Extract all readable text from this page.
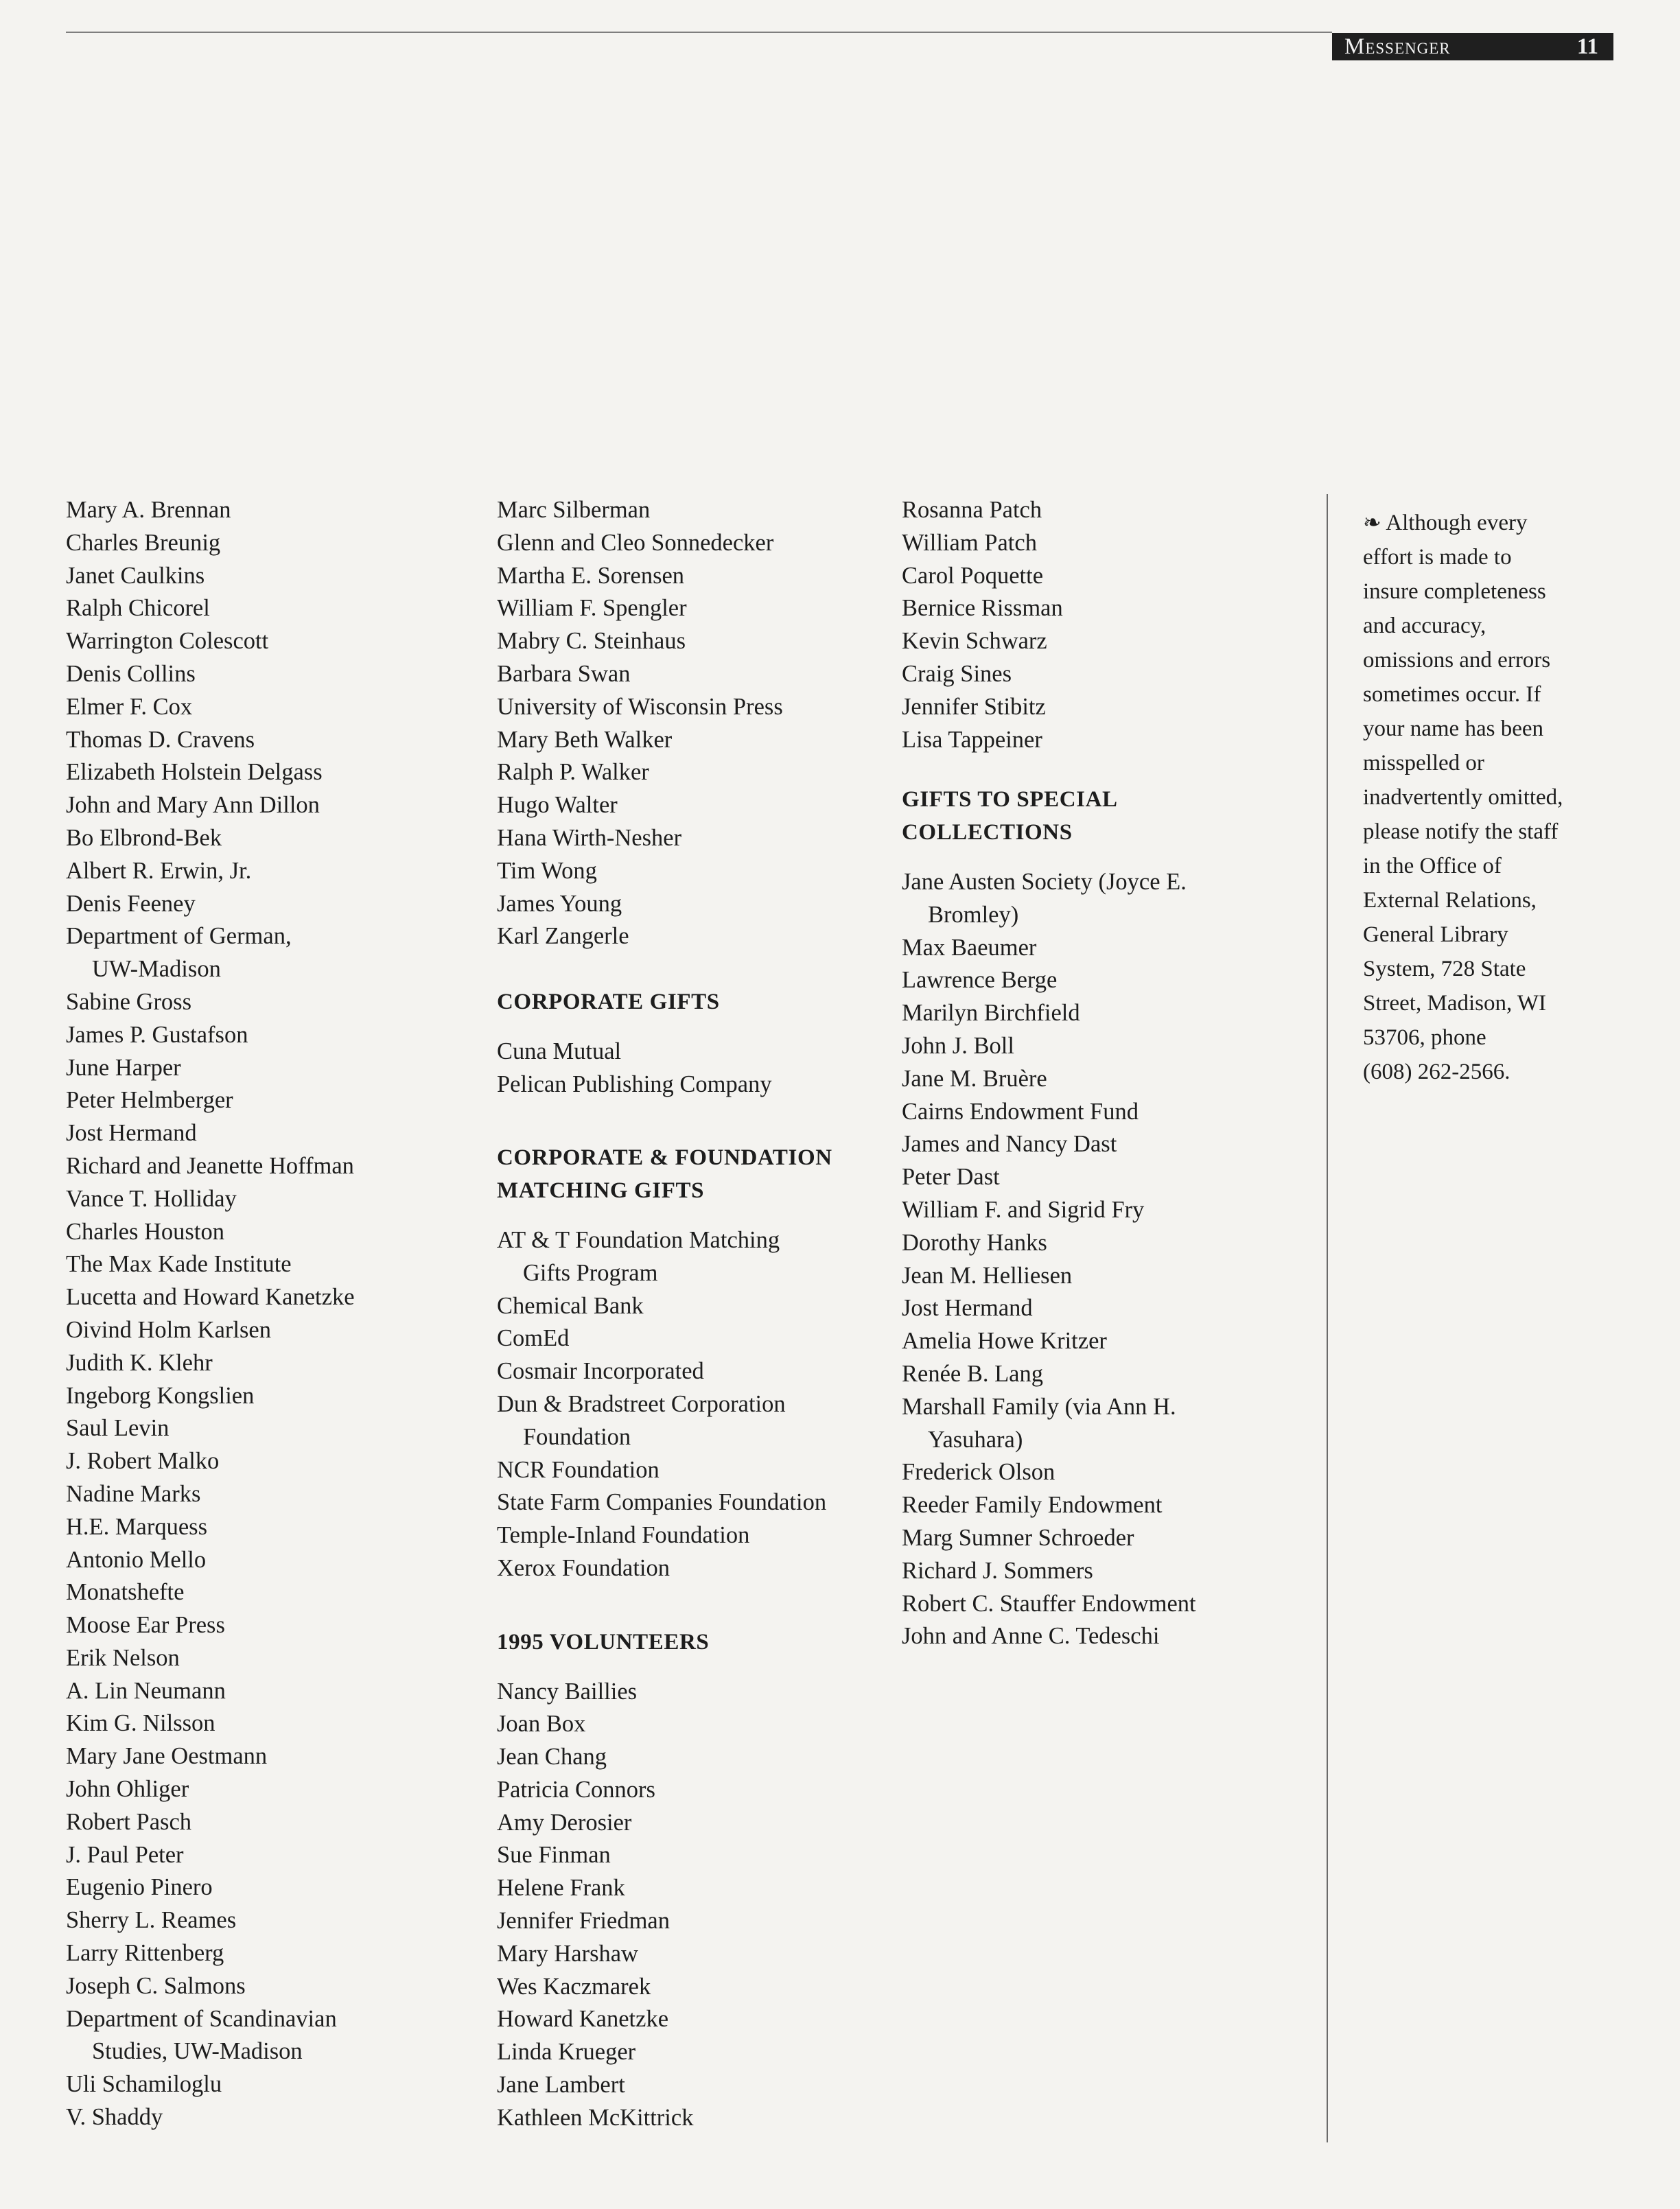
Messenger	11
Mary A. Brennan
Charles Breunig
Janet Caulkins
Ralph Chicorel
Warrington Colescott
Denis Collins
Elmer F. Cox
Thomas D. Cravens
Elizabeth Holstein Delgass
John and Mary Ann Dillon
Bo Elbrond-Bek
Albert R. Erwin, Jr.
Denis Feeney
Department of German,
UW-Madison
Sabine Gross
James P. Gustafson
June Harper
Peter Helmberger
Jost Hermand
Richard and Jeanette Hoffman
Vance T. Holliday
Charles Houston
The Max Kade Institute
Lucetta and Howard Kanetzke
Oivind Holm Karlsen
Judith K. Klehr
Ingeborg Kongslien
Saul Levin
J. Robert Malko
Nadine Marks
H.E. Marquess
Antonio Mello
Monatshefte
Moose Ear Press
Erik Nelson
A. Lin Neumann
Kim G. Nilsson
Mary Jane Oestmann
John Ohliger
Robert Pasch
J. Paul Peter
Eugenio Pinero
Sherry L. Reames
Larry Rittenberg
Joseph C. Salmons
Department of Scandinavian
Studies, UW-Madison
Uli Schamiloglu
V. Shaddy
Marc Silberman
Glenn and Cleo Sonnedecker
Martha E. Sorensen
William F. Spengler
Mabry C. Steinhaus
Barbara Swan
University of Wisconsin Press
Mary Beth Walker
Ralph P. Walker
Hugo Walter
Hana Wirth-Nesher
Tim Wong
James Young
Karl Zangerle
CORPORATE GIFTS
Cuna Mutual
Pelican Publishing Company
CORPORATE & FOUNDATION
MATCHING GIFTS
AT & T Foundation Matching
Gifts Program
Chemical Bank
ComEd
Cosmair Incorporated
Dun & Bradstreet Corporation
Foundation
NCR Foundation
State Farm Companies Foundation
Temple-Inland Foundation
Xerox Foundation
1995 VOLUNTEERS
Nancy Baillies
Joan Box
Jean Chang
Patricia Connors
Amy Derosier
Sue Finman
Helene Frank
Jennifer Friedman
Mary Harshaw
Wes Kaczmarek
Howard Kanetzke
Linda Krueger
Jane Lambert
Kathleen McKittrick
Rosanna Patch
William Patch
Carol Poquette
Bernice Rissman
Kevin Schwarz
Craig Sines
Jennifer Stibitz
Lisa Tappeiner
GIFTS TO SPECIAL
COLLECTIONS
Jane Austen Society (Joyce E.
Bromley)
Max Baeumer
Lawrence Berge
Marilyn Birchfield
John J. Boll
Jane M. Bruère
Cairns Endowment Fund
James and Nancy Dast
Peter Dast
William F. and Sigrid Fry
Dorothy Hanks
Jean M. Helliesen
Jost Hermand
Amelia Howe Kritzer
Renée B. Lang
Marshall Family (via Ann H.
Yasuhara)
Frederick Olson
Reeder Family Endowment
Marg Sumner Schroeder
Richard J. Sommers
Robert C. Stauffer Endowment
John and Anne C. Tedeschi
❧ Although every
effort is made to
insure completeness
and accuracy,
omissions and errors
sometimes occur. If
your name has been
misspelled or
inadvertently omitted,
please notify the staff
in the Office of
External Relations,
General Library
System, 728 State
Street, Madison, WI
53706, phone
(608) 262-2566.
